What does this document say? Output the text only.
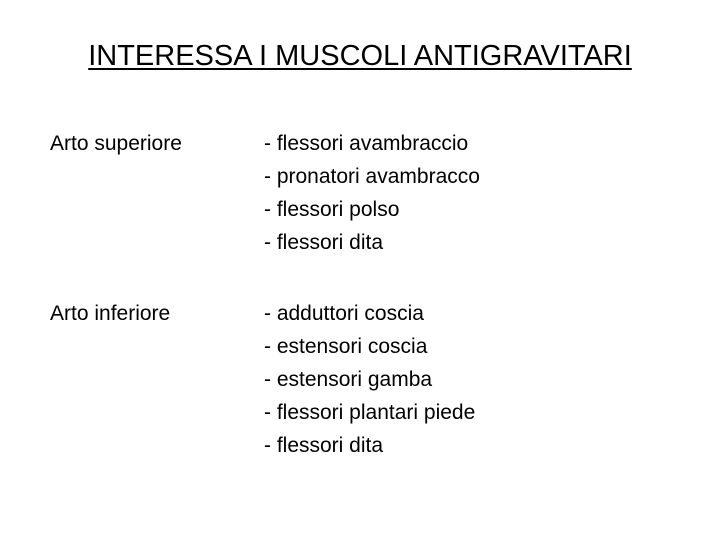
INTERESSA I MUSCOLI ANTIGRAVITARI
Arto superiore	- flessori avambraccio
- pronatori avambracco
- flessori polso
- flessori dita
Arto inferiore	- adduttori coscia
- estensori coscia
- estensori gamba
- flessori plantari piede
- flessori dita
